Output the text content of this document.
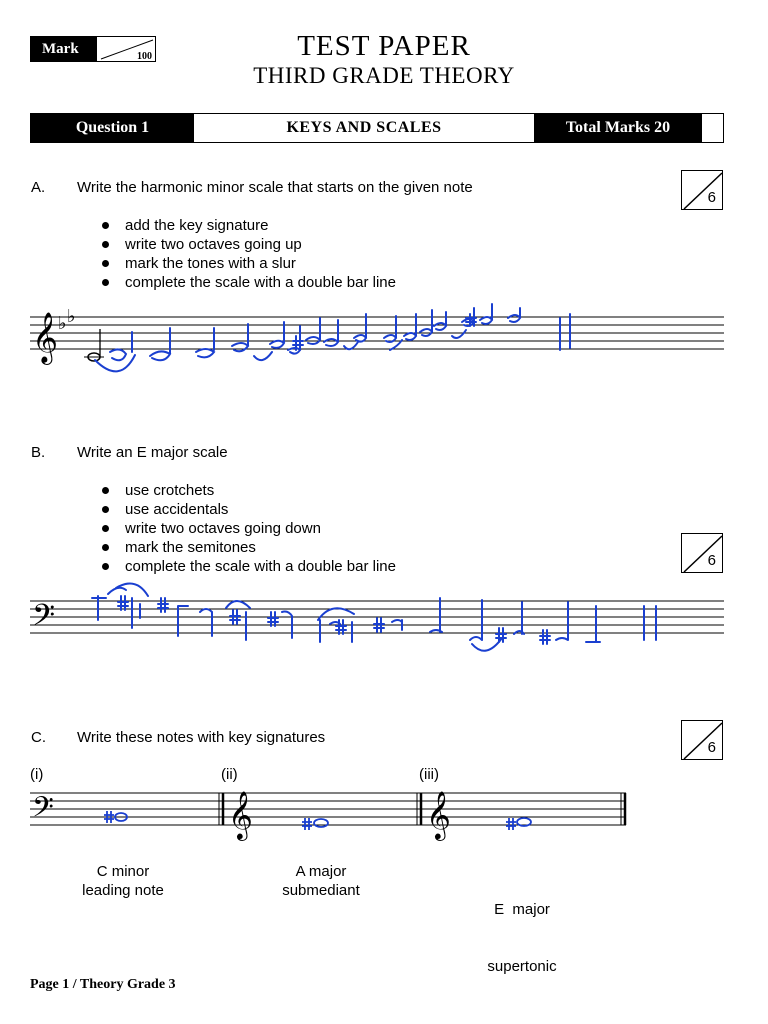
Mark	100	TEST PAPER
THIRD GRADE THEORY
Question 1	KEYS AND SCALES	Total Marks 20
A. Write the harmonic minor scale that starts on the given note
6
add the key signature
write two octaves going up
mark the tones with a slur
complete the scale with a double bar line
𝄞 ♭ ♭
B. Write an E major scale
use crotchets
use accidentals
write two octaves going down
mark the semitones
complete the scale with a double bar line	6
𝄢
C. Write these notes with key signatures
6
(i)	(ii)	(iii)
𝄢	𝄞	𝄞
C minor
leading note
A major
submediant

E  major

supertonic

Page 1 / Theory Grade 3
